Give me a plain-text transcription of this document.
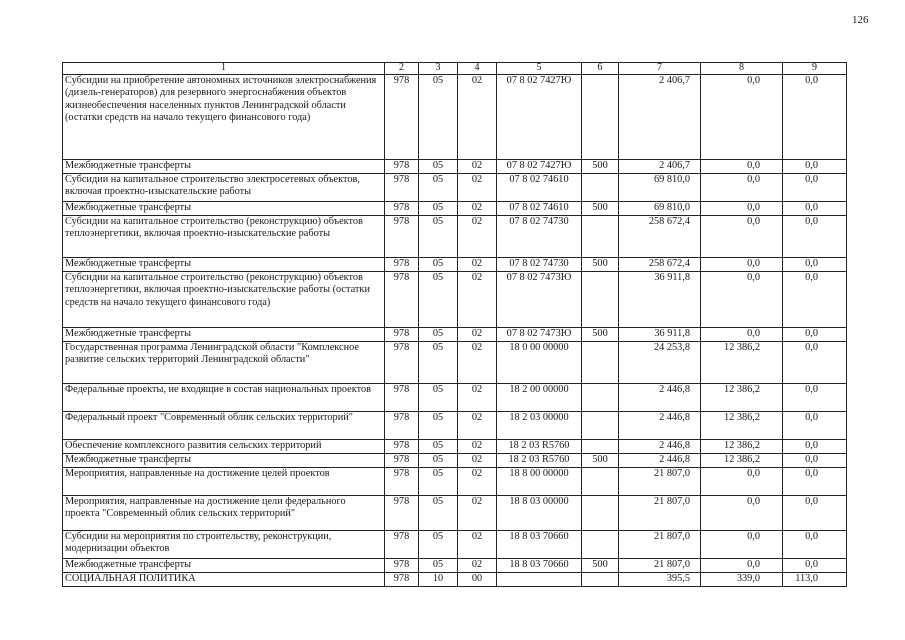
126
1	2	3	4	5	6	7	8	9
Субсидии на приобретение автономных источников электроснабжения (дизель-генераторов) для резервного энергоснабжения объектов жизнеобеспечения населенных пунктов Ленинградской области (остатки средств на начало текущего финансового года)	978	05	02	07 8 02 7427Ю		2 406,7	0,0	0,0
Межбюджетные трансферты	978	05	02	07 8 02 7427Ю	500	2 406,7	0,0	0,0
Субсидии на капитальное строительство электросетевых объектов, включая проектно-изыскательские работы	978	05	02	07 8 02 74610		69 810,0	0,0	0,0
Межбюджетные трансферты	978	05	02	07 8 02 74610	500	69 810,0	0,0	0,0
Субсидии на капитальное строительство (реконструкцию) объектов теплоэнергетики, включая проектно-изыскательские работы	978	05	02	07 8 02 74730		258 672,4	0,0	0,0
Межбюджетные трансферты	978	05	02	07 8 02 74730	500	258 672,4	0,0	0,0
Субсидии на капитальное строительство (реконструкцию) объектов теплоэнергетики, включая проектно-изыскательские работы (остатки средств на начало текущего финансового года)	978	05	02	07 8 02 7473Ю		36 911,8	0,0	0,0
Межбюджетные трансферты	978	05	02	07 8 02 7473Ю	500	36 911,8	0,0	0,0
Государственная программа Ленинградской области "Комплексное развитие сельских территорий Ленинградской области"	978	05	02	18 0 00 00000		24 253,8	12 386,2	0,0
Федеральные проекты, не входящие в состав национальных проектов	978	05	02	18 2 00 00000		2 446,8	12 386,2	0,0
Федеральный проект "Современный облик сельских территорий"	978	05	02	18 2 03 00000		2 446,8	12 386,2	0,0
Обеспечение комплексного развития сельских территорий	978	05	02	18 2 03 R5760		2 446,8	12 386,2	0,0
Межбюджетные трансферты	978	05	02	18 2 03 R5760	500	2 446,8	12 386,2	0,0
Мероприятия, направленные на достижение целей проектов	978	05	02	18 8 00 00000		21 807,0	0,0	0,0
Мероприятия, направленные на достижение цели федерального проекта "Современный облик сельских территорий"	978	05	02	18 8 03 00000		21 807,0	0,0	0,0
Субсидии на мероприятия по строительству, реконструкции, модернизации объектов	978	05	02	18 8 03 70660		21 807,0	0,0	0,0
Межбюджетные трансферты	978	05	02	18 8 03 70660	500	21 807,0	0,0	0,0
СОЦИАЛЬНАЯ ПОЛИТИКА	978	10	00			395,5	339,0	113,0
